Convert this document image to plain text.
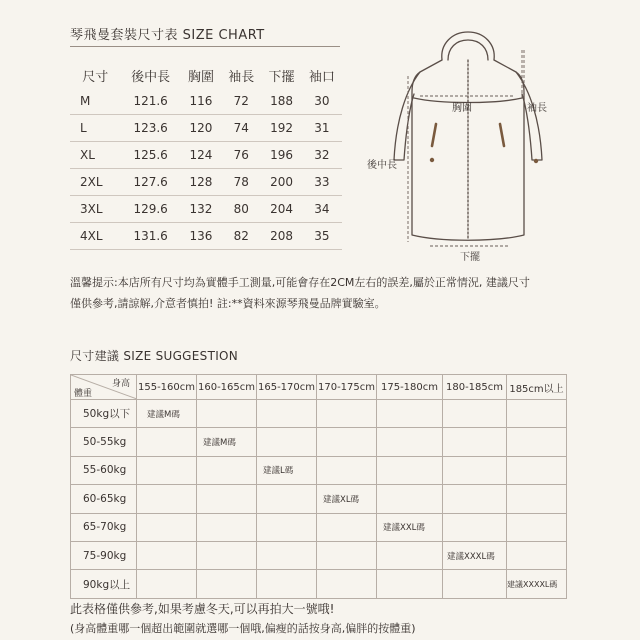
琴飛曼套裝尺寸表 SIZE CHART
尺寸	後中長	胸圍	袖長	下擺	袖口
M	121.6	116	72	188	30
L	123.6	120	74	192	31
XL	125.6	124	76	196	32
2XL	127.6	128	78	200	33
3XL	129.6	132	80	204	34
4XL	131.6	136	82	208	35
胸圍	袖長
後中長
下擺
溫馨提示:本店所有尺寸均為實體手工測量,可能會存在2CM左右的誤差,屬於正常情況, 建議尺寸
僅供參考,請諒解,介意者慎拍! 註:**資料來源琴飛曼品牌實驗室。
尺寸建議 SIZE SUGGESTION
身高
體重	155-160cm	160-165cm	165-170cm	170-175cm	175-180cm	180-185cm	185cm以上
50kg以下	建議M碼						
50-55kg		建議M碼					
55-60kg			建議L碼				
60-65kg				建議XL碼			
65-70kg					建議XXL碼		
75-90kg						建議XXXL碼	
90kg以上							建議XXXXL碼
此表格僅供參考,如果考慮冬天,可以再拍大一號哦!
(身高體重哪一個超出範圍就選哪一個哦,偏瘦的話按身高,偏胖的按體重)
